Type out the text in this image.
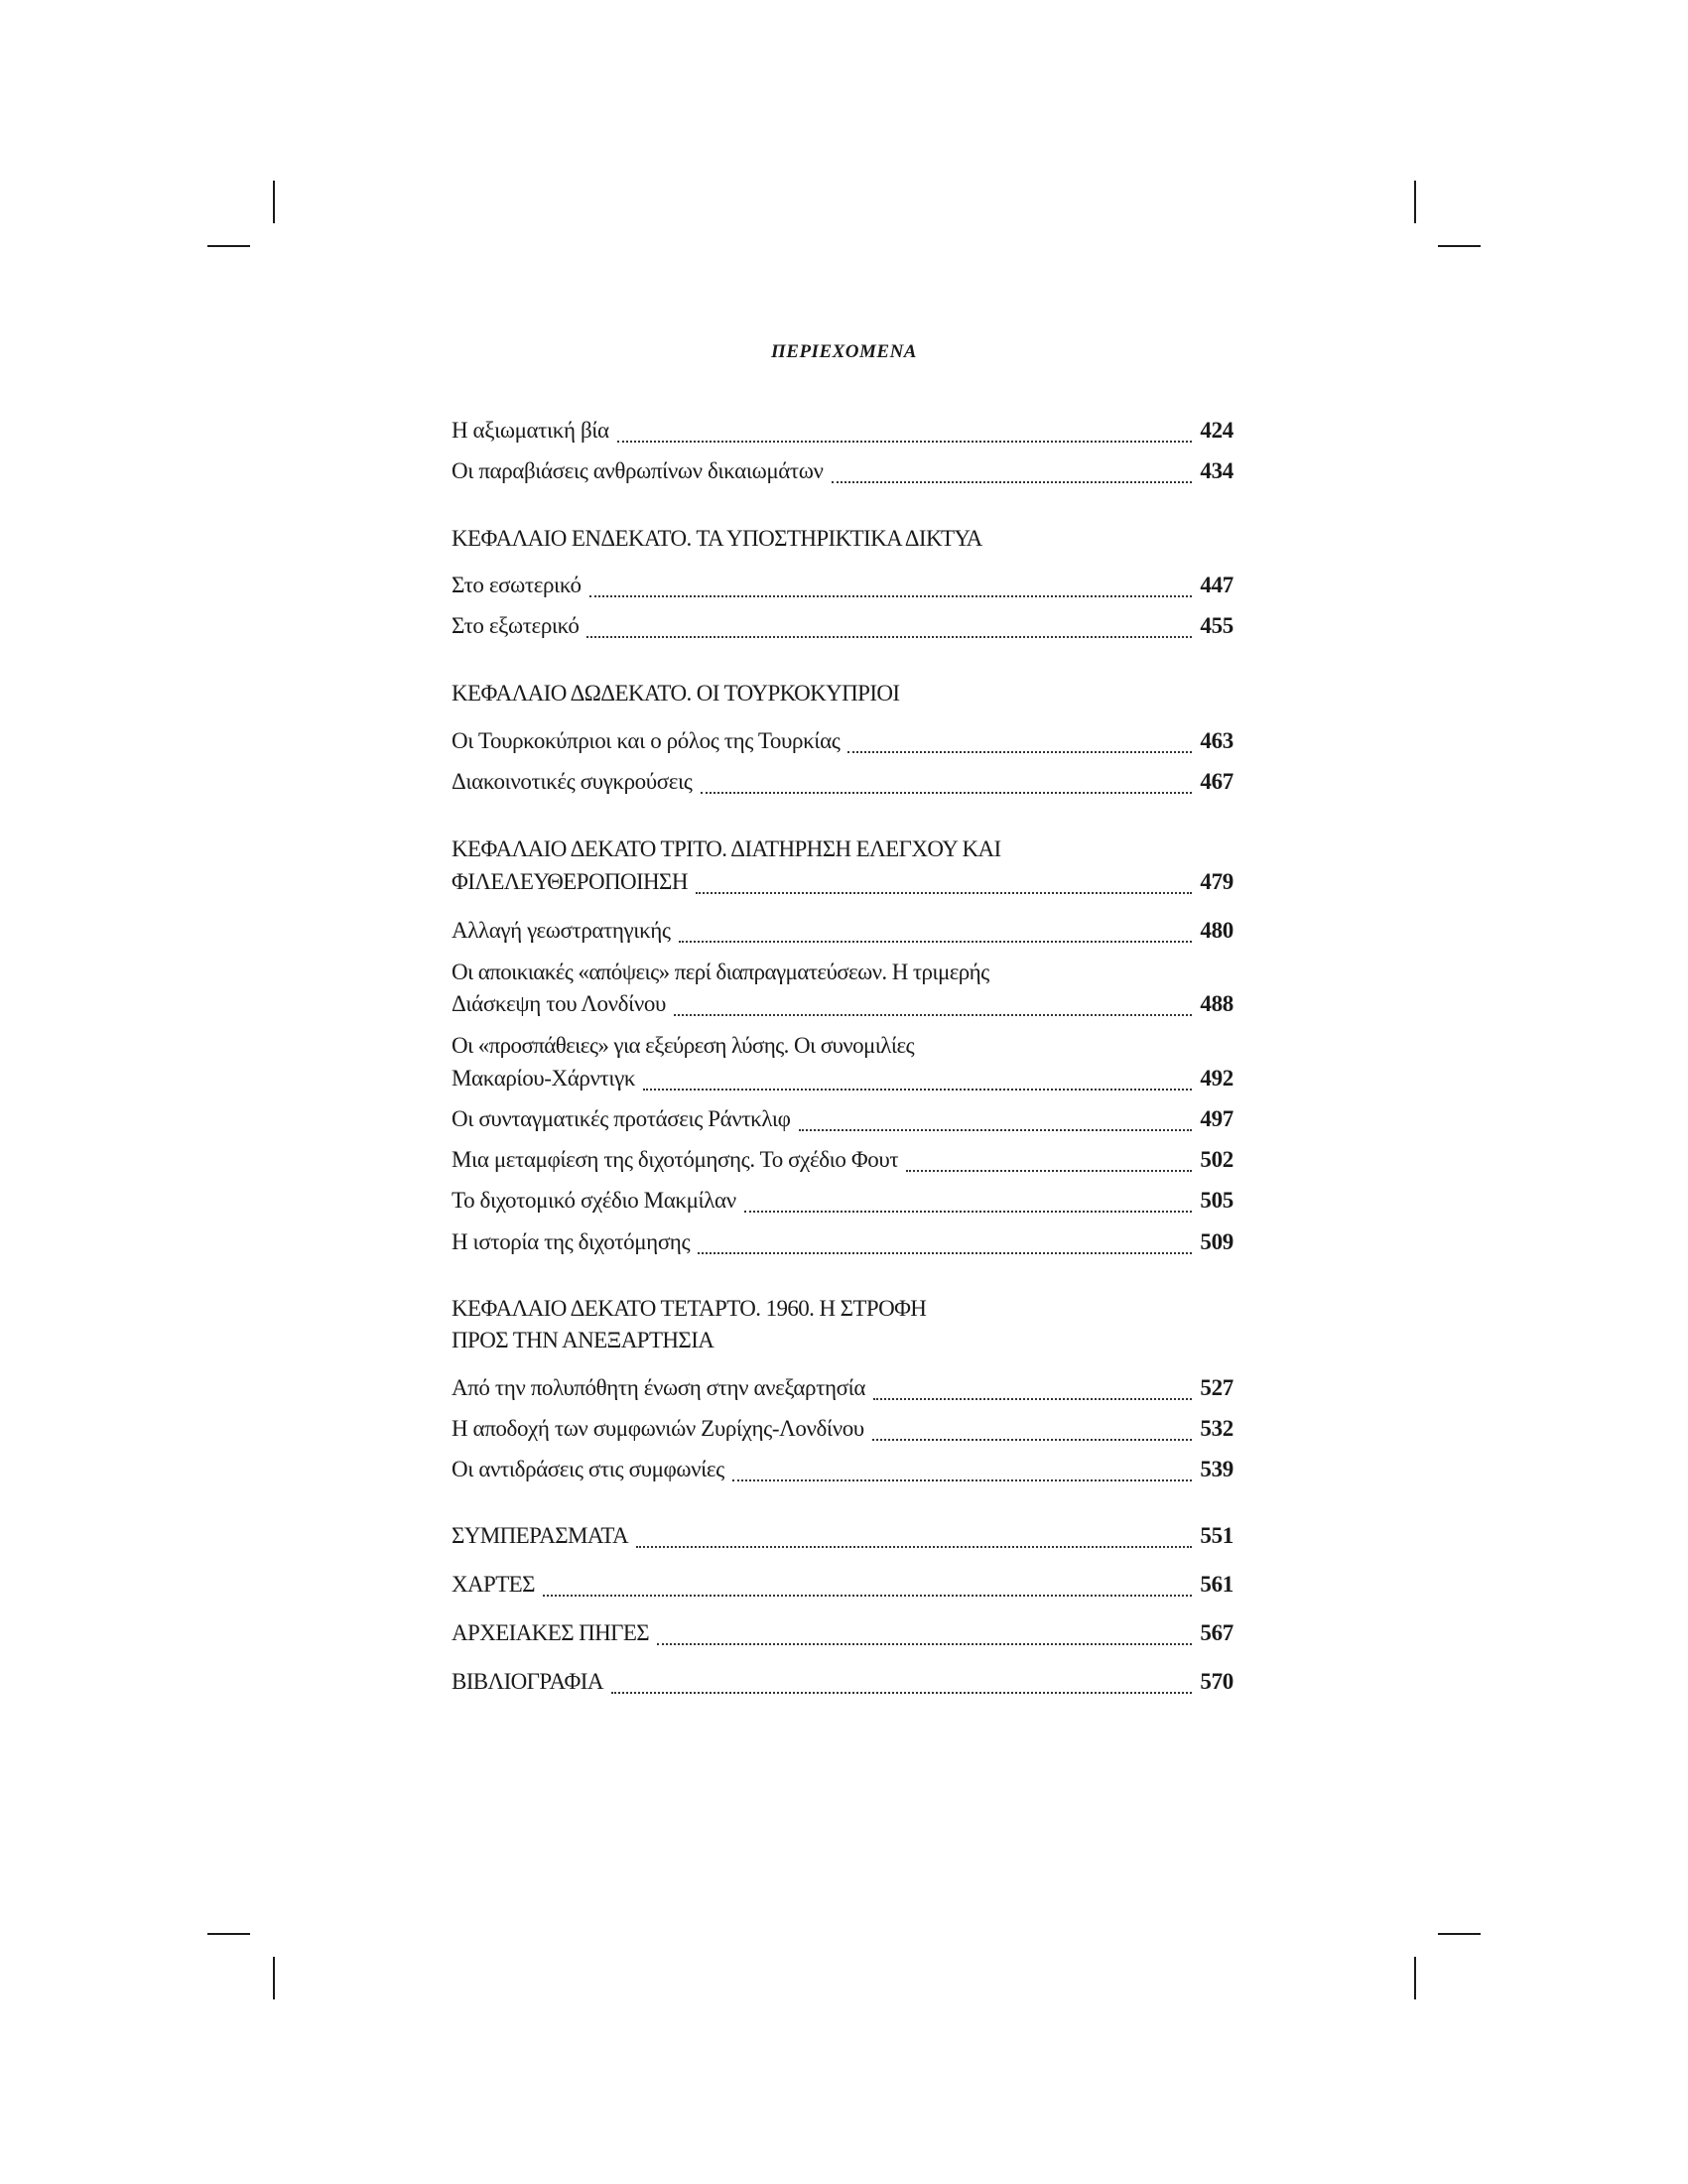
ΠΕΡΙΕΧΟΜΕΝΑ
Η αξιωματική βία	424
Οι παραβιάσεις ανθρωπίνων δικαιωμάτων	434
ΚΕΦΑΛΑΙΟ ΕΝΔΕΚΑΤΟ. ΤΑ ΥΠΟΣΤΗΡΙΚΤΙΚΑ ΔΙΚΤΥΑ
Στο εσωτερικό	447
Στο εξωτερικό	455
ΚΕΦΑΛΑΙΟ ΔΩΔΕΚΑΤΟ. ΟΙ ΤΟΥΡΚΟΚΥΠΡΙΟΙ
Οι Τουρκοκύπριοι και ο ρόλος της Τουρκίας	463
Διακοινοτικές συγκρούσεις	467
ΚΕΦΑΛΑΙΟ ΔΕΚΑΤΟ ΤΡΙΤΟ. ΔΙΑΤΗΡΗΣΗ ΕΛΕΓΧΟΥ ΚΑΙ
ΦΙΛΕΛΕΥΘΕΡΟΠΟΙΗΣΗ	479
Αλλαγή γεωστρατηγικής	480
Οι αποικιακές «απόψεις» περί διαπραγματεύσεων. Η τριμερής
Διάσκεψη του Λονδίνου	488
Οι «προσπάθειες» για εξεύρεση λύσης. Οι συνομιλίες
Μακαρίου-Χάρντιγκ	492
Οι συνταγματικές προτάσεις Ράντκλιφ	497
Μια μεταμφίεση της διχοτόμησης. Το σχέδιο Φουτ	502
Το διχοτομικό σχέδιο Μακμίλαν	505
Η ιστορία της διχοτόμησης	509
ΚΕΦΑΛΑΙΟ ΔΕΚΑΤΟ ΤΕΤΑΡΤΟ. 1960. Η ΣΤΡΟΦΗ
ΠΡΟΣ ΤΗΝ ΑΝΕΞΑΡΤΗΣΙΑ
Από την πολυπόθητη ένωση στην ανεξαρτησία	527
Η αποδοχή των συμφωνιών Ζυρίχης-Λονδίνου	532
Οι αντιδράσεις στις συμφωνίες	539
ΣΥΜΠΕΡΑΣΜΑΤΑ	551
ΧΑΡΤΕΣ	561
ΑΡΧΕΙΑΚΕΣ ΠΗΓΕΣ	567
ΒΙΒΛΙΟΓΡΑΦΙΑ	570
